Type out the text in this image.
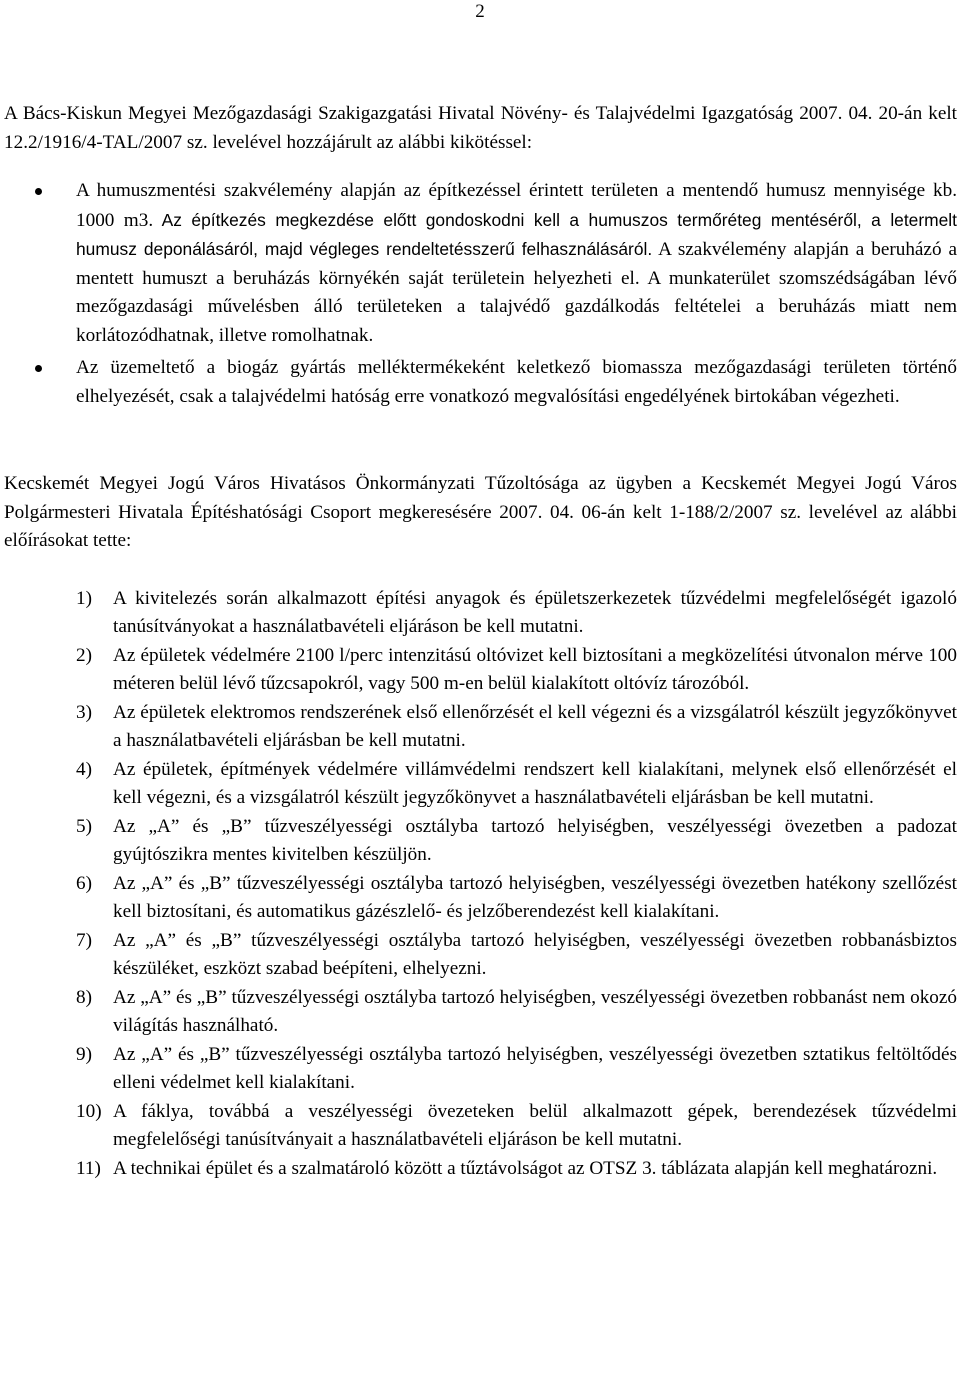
2

A Bács-Kiskun Megyei Mezőgazdasági Szakigazgatási Hivatal Növény- és Talajvédelmi Igazgatóság 2007. 04. 20-án kelt 12.2/1916/4-TAL/2007 sz. levelével hozzájárult az alábbi kikötéssel:

A humuszmentési szakvélemény alapján az építkezéssel érintett területen a mentendő humusz mennyisége kb. 1000 m3. Az építkezés megkezdése előtt gondoskodni kell a humuszos termőréteg mentéséről, a letermelt humusz deponálásáról, majd végleges rendeltetésszerű felhasználásáról. A szakvélemény alapján a beruházó a mentett humuszt a beruházás környékén saját területein helyezheti el. A munkaterület szomszédságában lévő mezőgazdasági művelésben álló területeken a talajvédő gazdálkodás feltételei a beruházás miatt nem korlátozódhatnak, illetve romolhatnak.
Az üzemeltető a biogáz gyártás melléktermékeként keletkező biomassza mezőgazdasági területen történő elhelyezését, csak a talajvédelmi hatóság erre vonatkozó megvalósítási engedélyének birtokában végezheti.

Kecskemét Megyei Jogú Város Hivatásos Önkormányzati Tűzoltósága az ügyben a Kecskemét Megyei Jogú Város Polgármesteri Hivatala Építéshatósági Csoport megkeresésére 2007. 04. 06-án kelt 1-188/2/2007 sz. levelével az alábbi előírásokat tette:

1) A kivitelezés során alkalmazott építési anyagok és épületszerkezetek tűzvédelmi megfelelőségét igazoló tanúsítványokat a használatbavételi eljáráson be kell mutatni.
2) Az épületek védelmére 2100 l/perc intenzitású oltóvizet kell biztosítani a megközelítési útvonalon mérve 100 méteren belül lévő tűzcsapokról, vagy 500 m-en belül kialakított oltóvíz tározóból.
3) Az épületek elektromos rendszerének első ellenőrzését el kell végezni és a vizsgálatról készült jegyzőkönyvet a használatbavételi eljárásban be kell mutatni.
4) Az épületek, építmények védelmére villámvédelmi rendszert kell kialakítani, melynek első ellenőrzését el kell végezni, és a vizsgálatról készült jegyzőkönyvet a használatbavételi eljárásban be kell mutatni.
5) Az „A” és „B” tűzveszélyességi osztályba tartozó helyiségben, veszélyességi övezetben a padozat gyújtószikra mentes kivitelben készüljön.
6) Az „A” és „B” tűzveszélyességi osztályba tartozó helyiségben, veszélyességi övezetben hatékony szellőzést kell biztosítani, és automatikus gázészlelő- és jelzőberendezést kell kialakítani.
7) Az „A” és „B” tűzveszélyességi osztályba tartozó helyiségben, veszélyességi övezetben robbanásbiztos készüléket, eszközt szabad beépíteni, elhelyezni.
8) Az „A” és „B” tűzveszélyességi osztályba tartozó helyiségben, veszélyességi övezetben robbanást nem okozó világítás használható.
9) Az „A” és „B” tűzveszélyességi osztályba tartozó helyiségben, veszélyességi övezetben sztatikus feltöltődés elleni védelmet kell kialakítani.
10) A fáklya, továbbá a veszélyességi övezeteken belül alkalmazott gépek, berendezések tűzvédelmi megfelelőségi tanúsítványait a használatbavételi eljáráson be kell mutatni.
11) A technikai épület és a szalmatároló között a tűztávolságot az OTSZ 3. táblázata alapján kell meghatározni.
